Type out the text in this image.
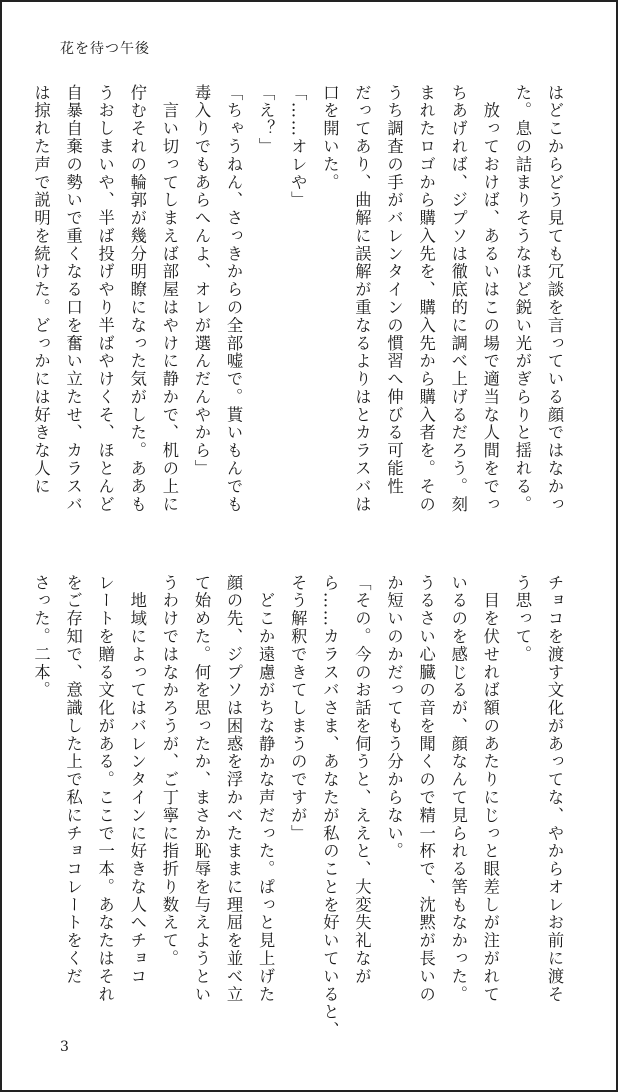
花を待つ午後
はどこからどう見ても冗談を言っている顔ではなかっ
た。息の詰まりそうなほど鋭い光がぎらりと揺れる。
　放っておけば、あるいはこの場で適当な人間をでっ
ちあげれば、ジプソは徹底的に調べ上げるだろう。刻
まれたロゴから購入先を、購入先から購入者を。その
うち調査の手がバレンタインの慣習へ伸びる可能性
だってあり、曲解に誤解が重なるよりはとカラスバは
口を開いた。
「……オレや」
「え？」
「ちゃうねん、さっきからの全部嘘で。貰いもんでも
毒入りでもあらへんよ、オレが選んだんやから」
　言い切ってしまえば部屋はやけに静かで、机の上に
佇むそれの輪郭が幾分明瞭になった気がした。ああも
うおしまいや、半ば投げやり半ばやけくそ、ほとんど
自暴自棄の勢いで重くなる口を奮い立たせ、カラスバ
は掠れた声で説明を続けた。どっかには好きな人に
チョコを渡す文化があってな、やからオレお前に渡そ
う思って。
　目を伏せれば額のあたりにじっと眼差しが注がれて
いるのを感じるが、顔なんて見られる筈もなかった。
うるさい心臓の音を聞くので精一杯で、沈黙が長いの
か短いのかだってもう分からない。
「その。今のお話を伺うと、ええと、大変失礼なが
ら……カラスバさま、あなたが私のことを好いていると、
そう解釈できてしまうのですが」
　どこか遠慮がちな静かな声だった。ぱっと見上げた
顔の先、ジプソは困惑を浮かべたままに理屈を並べ立
て始めた。何を思ったか、まさか恥辱を与えようとい
うわけではなかろうが、ご丁寧に指折り数えて。
　地域によってはバレンタインに好きな人へチョコ
レートを贈る文化がある。ここで一本。あなたはそれ
をご存知で、意識した上で私にチョコレートをくだ
さった。二本。
3
